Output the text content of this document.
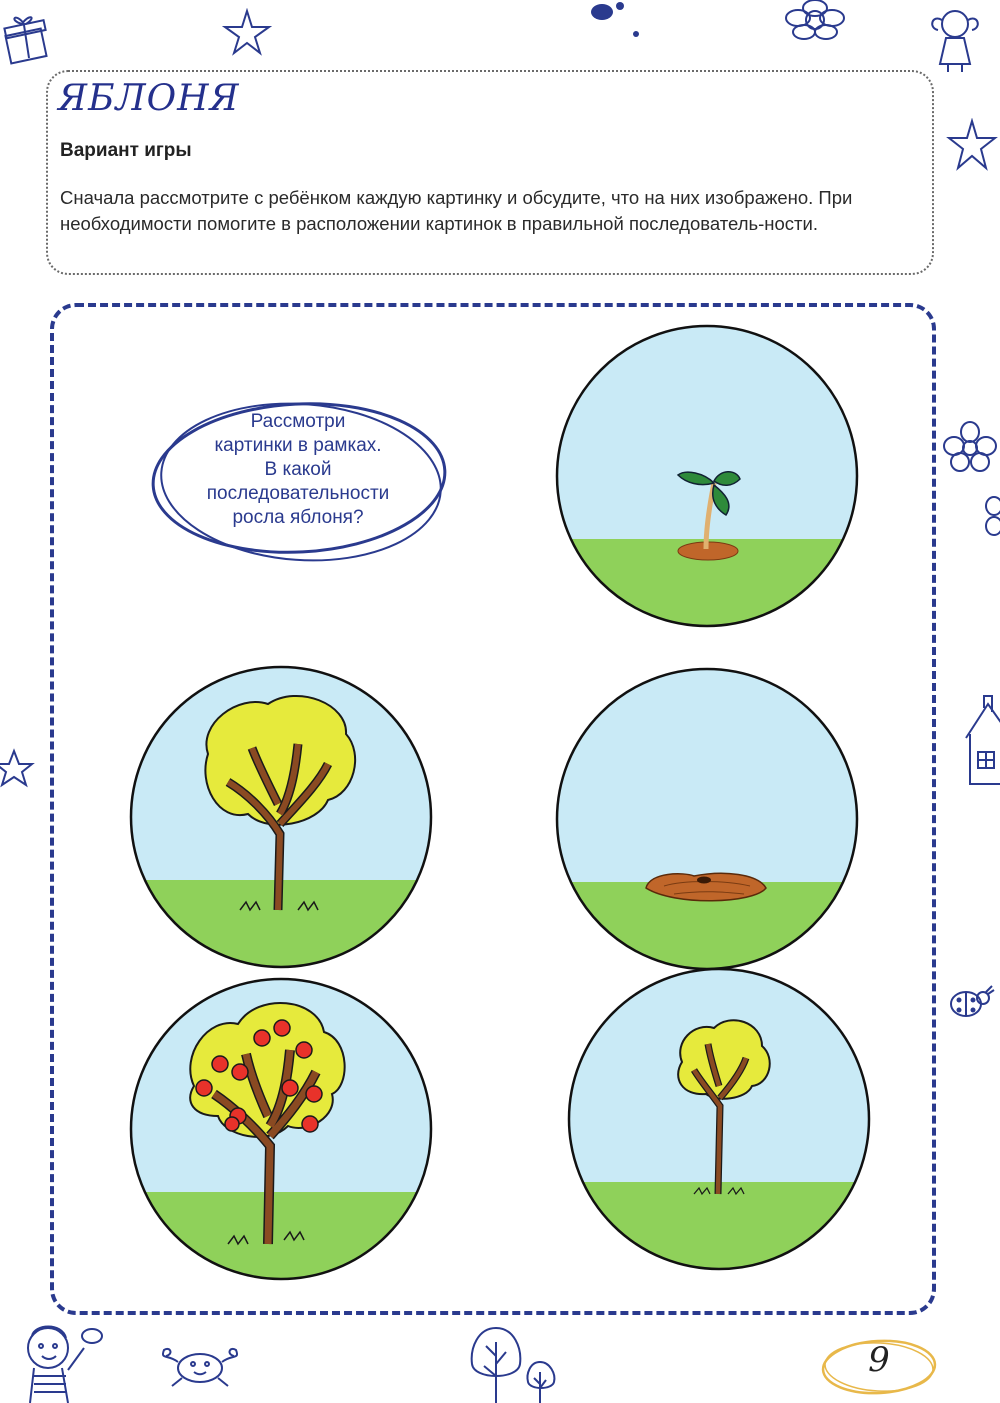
ЯБЛОНЯ
Вариант игры
Сначала рассмотрите с ребёнком каждую картинку и обсудите, что на них изображено. При необходимости помогите в расположении картинок в правильной последователь-ности.
Рассмотри
картинки в рамках.
В какой
последовательности
росла яблоня?
9
